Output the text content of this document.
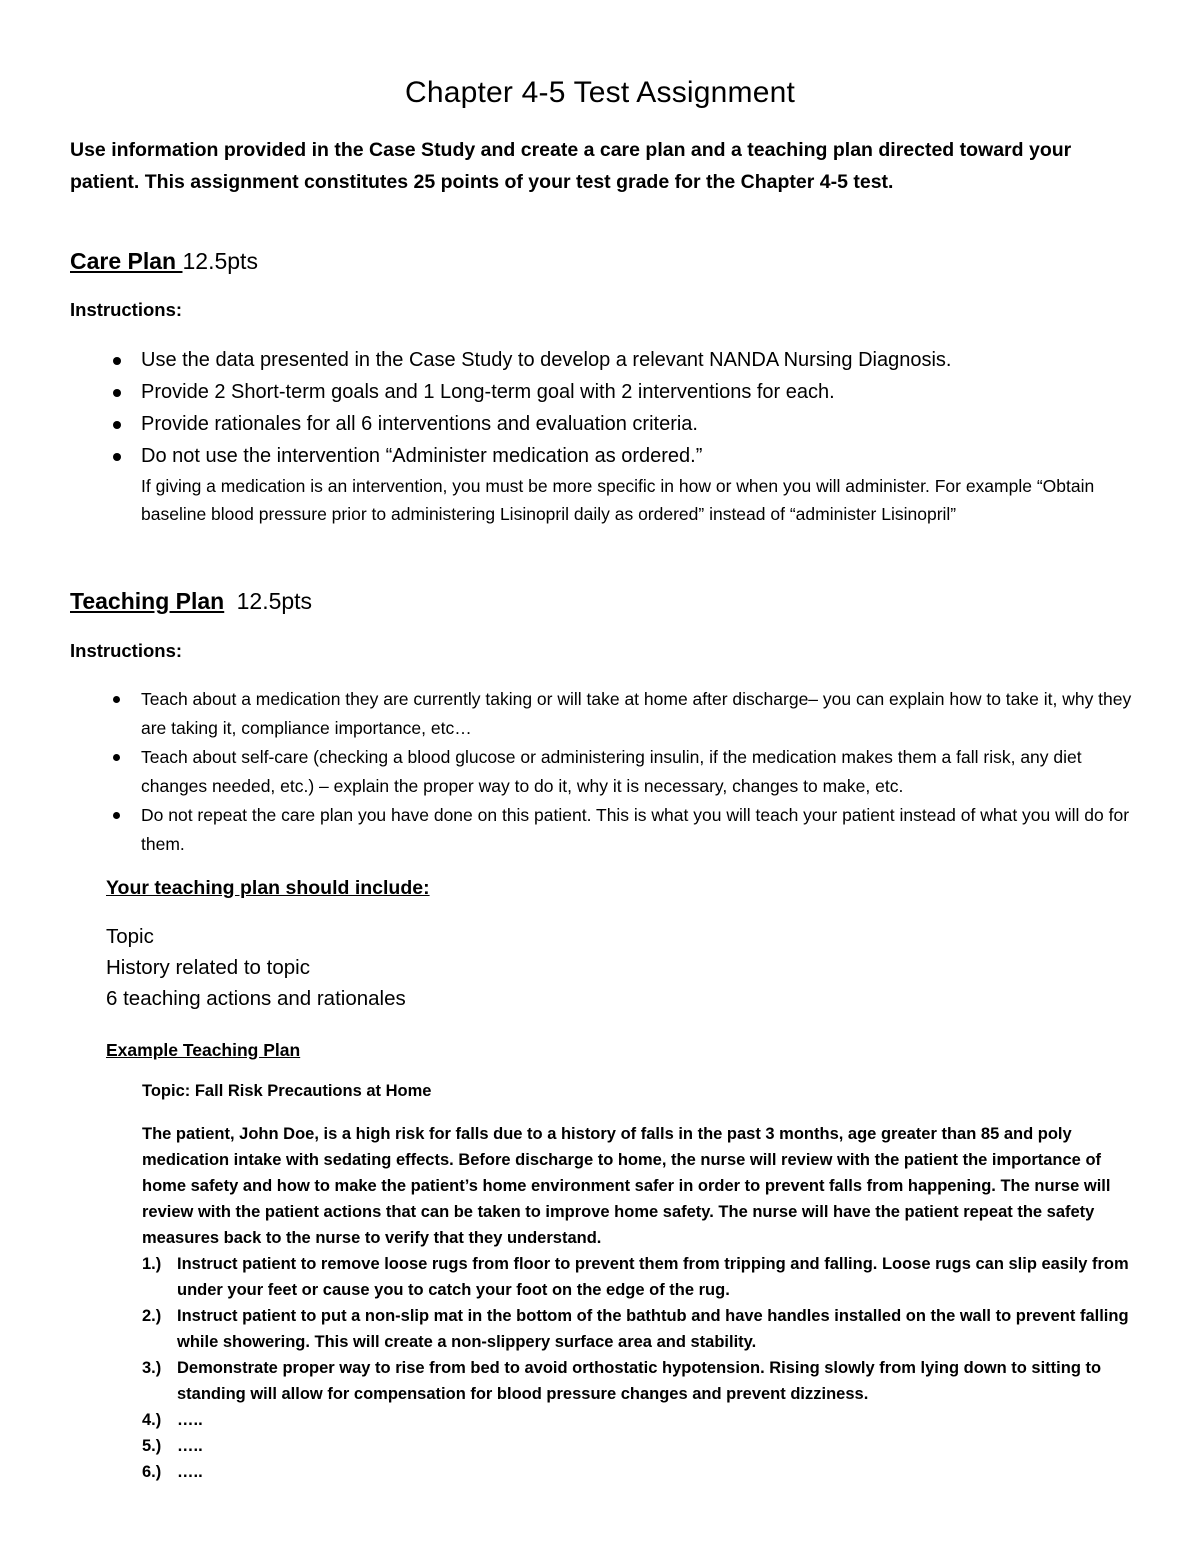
Chapter 4-5 Test Assignment
Use information provided in the Case Study and create a care plan and a teaching plan directed toward your patient. This assignment constitutes 25 points of your test grade for the Chapter 4-5 test.
Care Plan 12.5pts
Instructions:
Use the data presented in the Case Study to develop a relevant NANDA Nursing Diagnosis.
Provide 2 Short-term goals and 1 Long-term goal with 2 interventions for each.
Provide rationales for all 6 interventions and evaluation criteria.
Do not use the intervention “Administer medication as ordered.”
If giving a medication is an intervention, you must be more specific in how or when you will administer. For example “Obtain baseline blood pressure prior to administering Lisinopril daily as ordered” instead of “administer Lisinopril”
Teaching Plan 12.5pts
Instructions:
Teach about a medication they are currently taking or will take at home after discharge– you can explain how to take it, why they are taking it, compliance importance, etc…
Teach about self-care (checking a blood glucose or administering insulin, if the medication makes them a fall risk, any diet changes needed, etc.) – explain the proper way to do it, why it is necessary, changes to make, etc.
Do not repeat the care plan you have done on this patient. This is what you will teach your patient instead of what you will do for them.
Your teaching plan should include:
Topic
History related to topic
6 teaching actions and rationales
Example Teaching Plan
Topic: Fall Risk Precautions at Home
The patient, John Doe, is a high risk for falls due to a history of falls in the past 3 months, age greater than 85 and poly medication intake with sedating effects. Before discharge to home, the nurse will review with the patient the importance of home safety and how to make the patient’s home environment safer in order to prevent falls from happening. The nurse will review with the patient actions that can be taken to improve home safety. The nurse will have the patient repeat the safety measures back to the nurse to verify that they understand.
1.) Instruct patient to remove loose rugs from floor to prevent them from tripping and falling. Loose rugs can slip easily from under your feet or cause you to catch your foot on the edge of the rug.
2.) Instruct patient to put a non-slip mat in the bottom of the bathtub and have handles installed on the wall to prevent falling while showering. This will create a non-slippery surface area and stability.
3.) Demonstrate proper way to rise from bed to avoid orthostatic hypotension. Rising slowly from lying down to sitting to standing will allow for compensation for blood pressure changes and prevent dizziness.
4.) …..
5.) …..
6.) …..
